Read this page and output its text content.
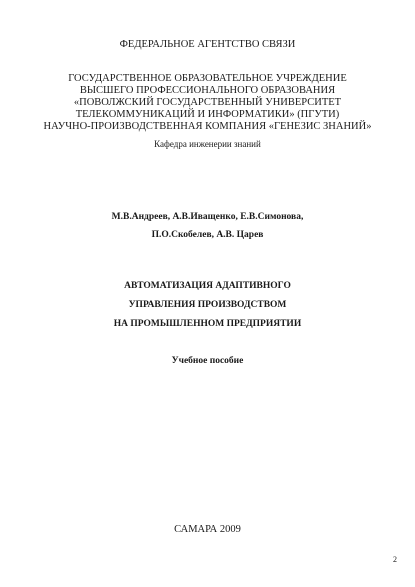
ФЕДЕРАЛЬНОЕ АГЕНТСТВО СВЯЗИ
ГОСУДАРСТВЕННОЕ ОБРАЗОВАТЕЛЬНОЕ УЧРЕЖДЕНИЕ
ВЫСШЕГО ПРОФЕССИОНАЛЬНОГО ОБРАЗОВАНИЯ
«ПОВОЛЖСКИЙ ГОСУДАРСТВЕННЫЙ УНИВЕРСИТЕТ
ТЕЛЕКОММУНИКАЦИЙ И ИНФОРМАТИКИ» (ПГУТИ)
НАУЧНО-ПРОИЗВОДСТВЕННАЯ КОМПАНИЯ «ГЕНЕЗИС ЗНАНИЙ»
Кафедра инженерии знаний
М.В.Андреев, А.В.Иващенко, Е.В.Симонова,
П.О.Скобелев, А.В. Царев
АВТОМАТИЗАЦИЯ АДАПТИВНОГО
УПРАВЛЕНИЯ ПРОИЗВОДСТВОМ
НА ПРОМЫШЛЕННОМ ПРЕДПРИЯТИИ
Учебное пособие
САМАРА 2009
2
